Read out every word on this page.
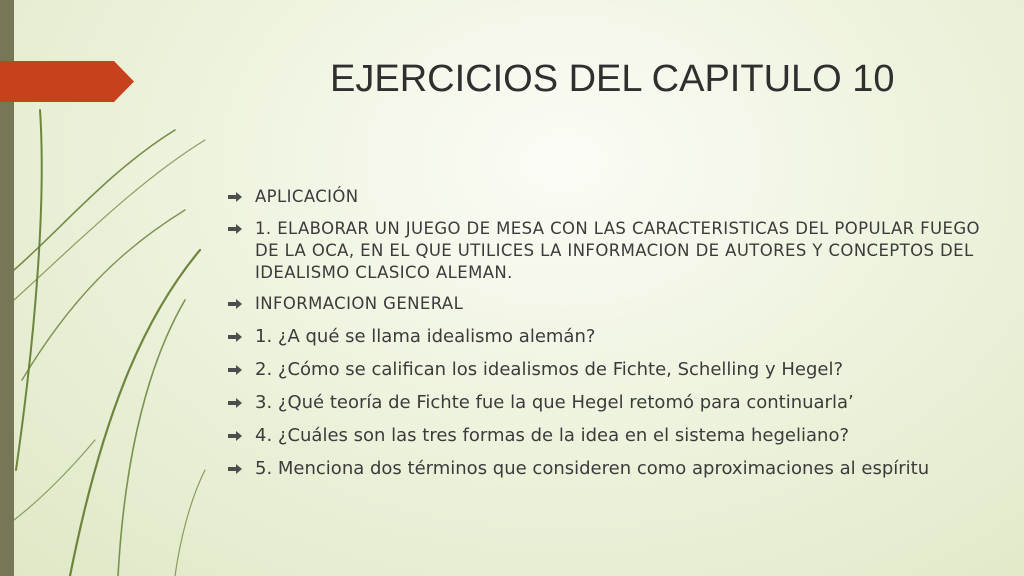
EJERCICIOS DEL CAPITULO 10
APLICACIÓN
1. ELABORAR UN JUEGO DE MESA CON LAS CARACTERISTICAS DEL POPULAR FUEGO DE LA OCA, EN EL QUE UTILICES LA INFORMACION DE AUTORES Y CONCEPTOS DEL IDEALISMO CLASICO ALEMAN.
INFORMACION GENERAL
1. ¿A qué se llama idealismo alemán?
2. ¿Cómo se califican los idealismos de Fichte, Schelling y Hegel?
3. ¿Qué teoría de Fichte fue la que Hegel retomó para continuarla’
4. ¿Cuáles son las tres formas de la idea en el sistema hegeliano?
5. Menciona dos términos que consideren como aproximaciones al espíritu
